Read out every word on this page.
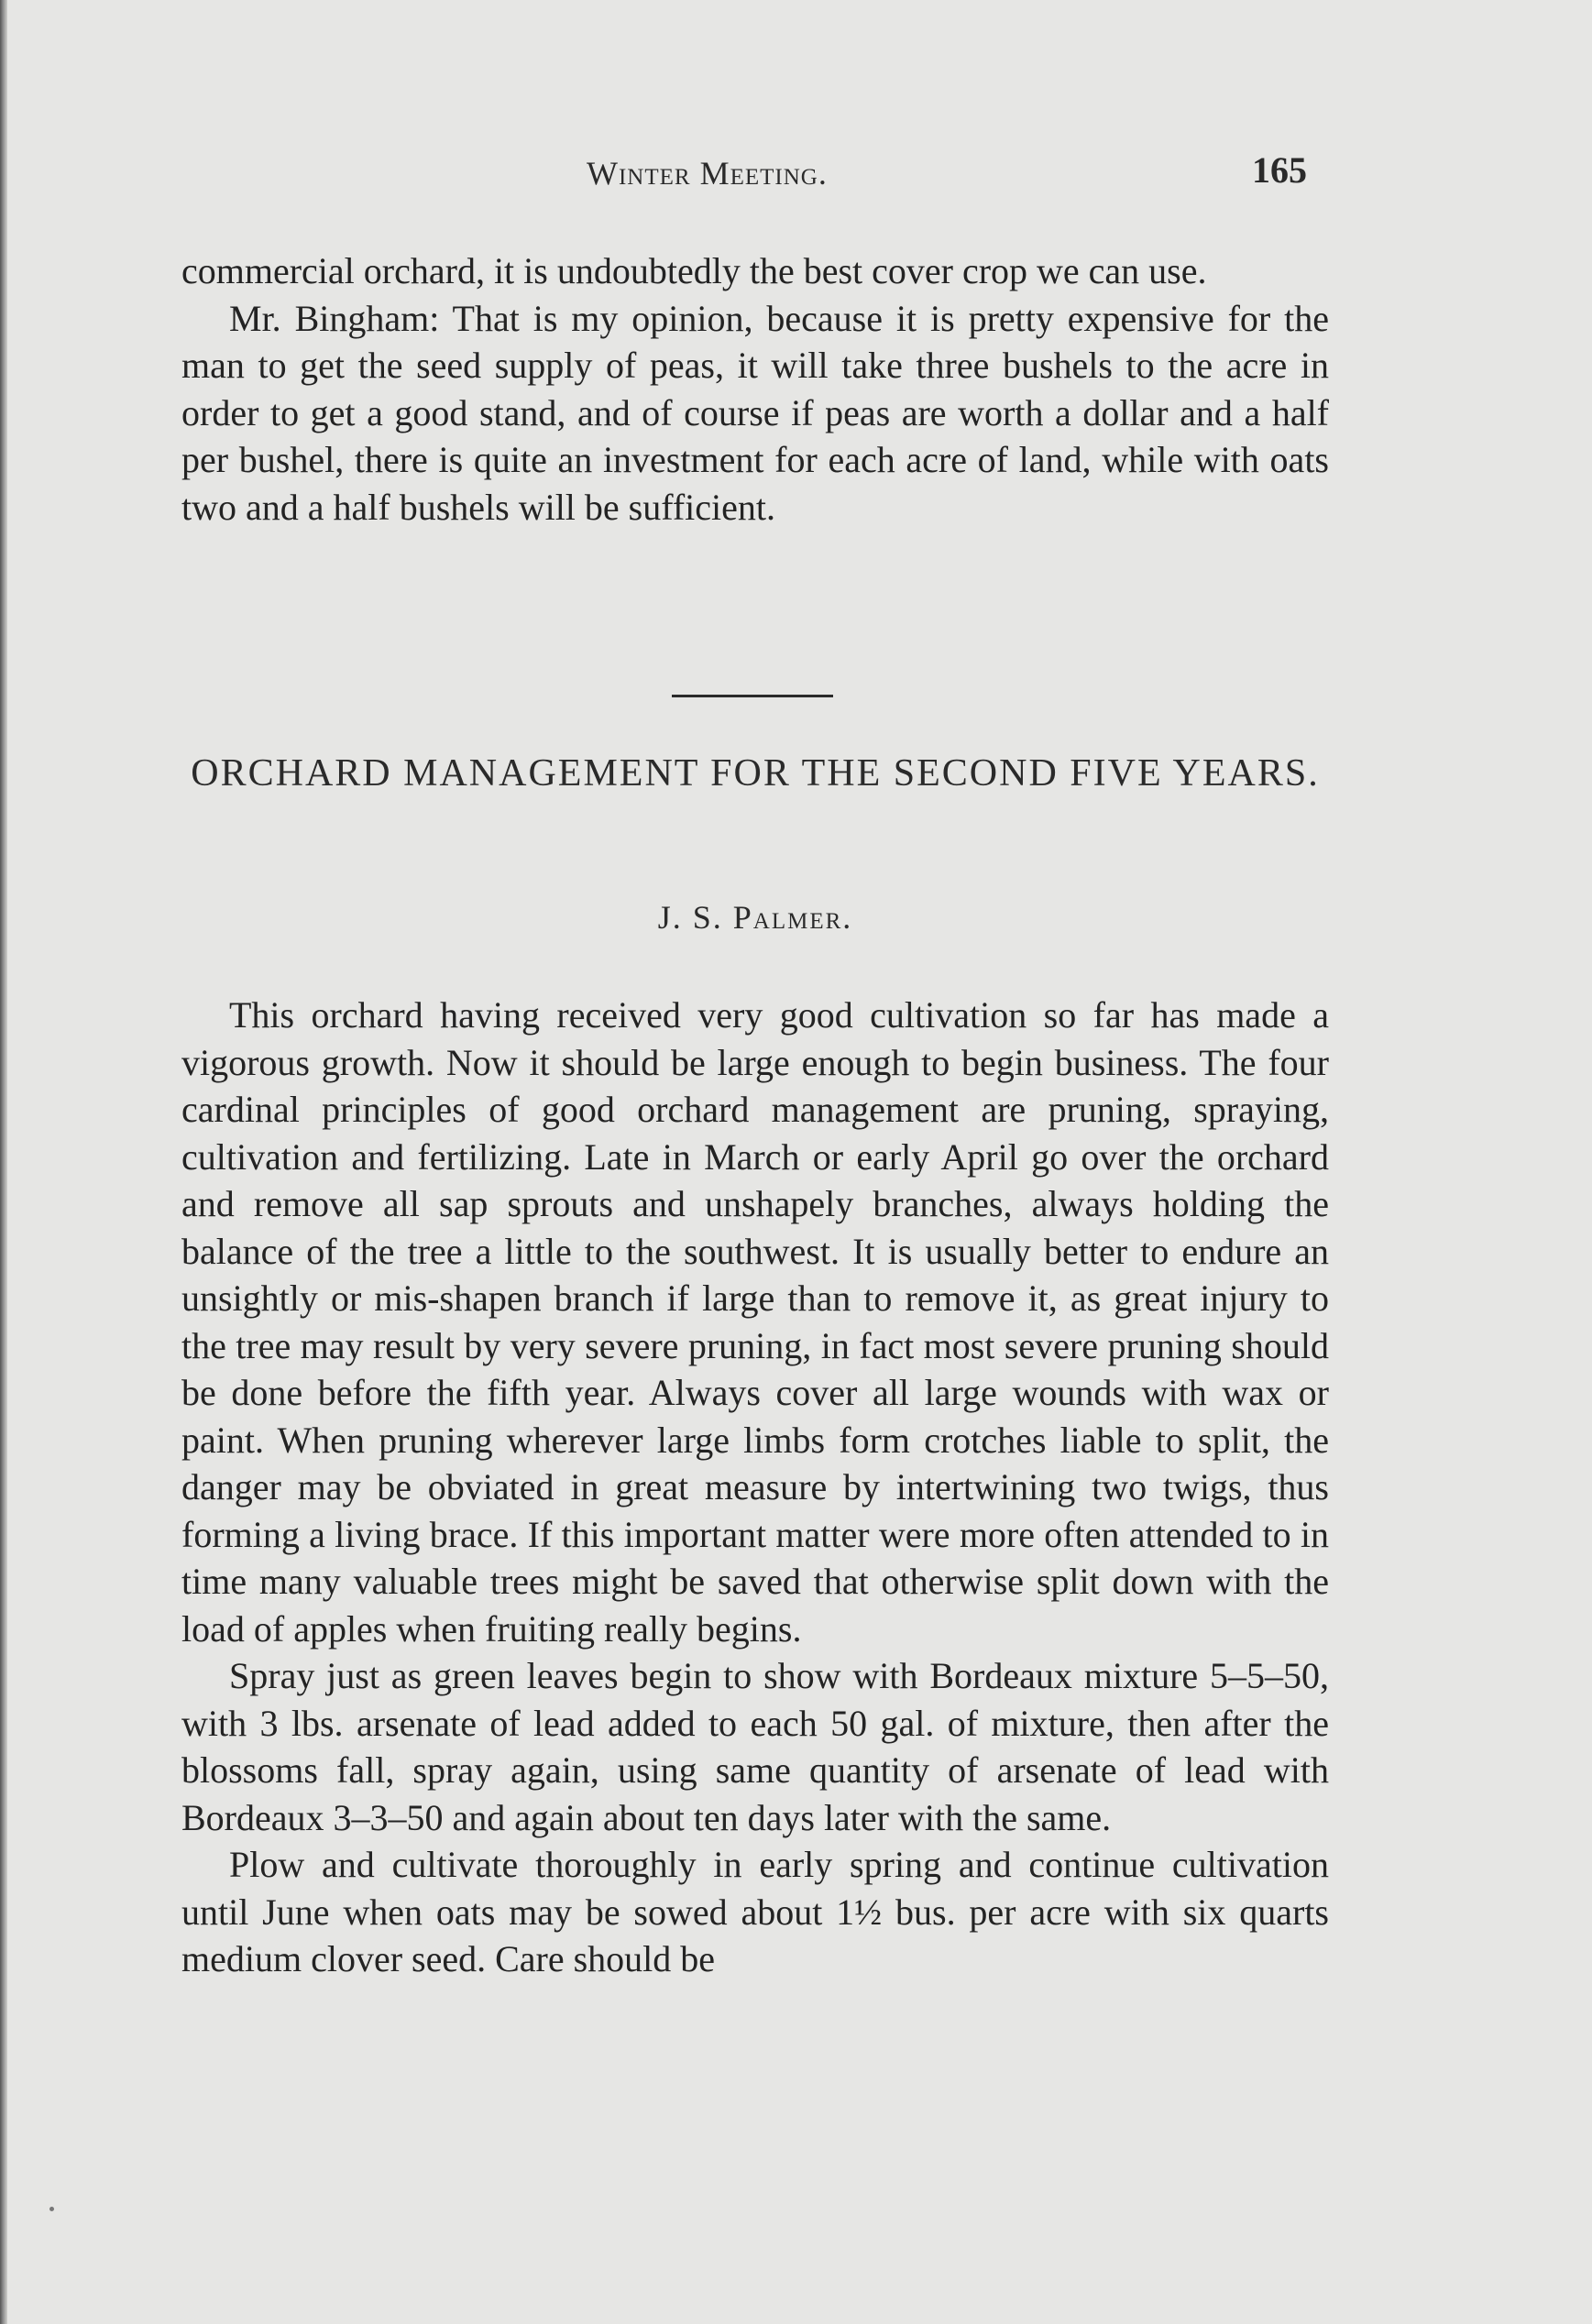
Winter Meeting.	165

commercial orchard, it is undoubtedly the best cover crop we can use.

Mr. Bingham: That is my opinion, because it is pretty expensive for the man to get the seed supply of peas, it will take three bushels to the acre in order to get a good stand, and of course if peas are worth a dollar and a half per bushel, there is quite an investment for each acre of land, while with oats two and a half bushels will be sufficient.

ORCHARD MANAGEMENT FOR THE SECOND FIVE YEARS.
J. S. Palmer.

This orchard having received very good cultivation so far has made a vigorous growth. Now it should be large enough to begin business. The four cardinal principles of good orchard management are pruning, spraying, cultivation and fertilizing. Late in March or early April go over the orchard and remove all sap sprouts and unshapely branches, always holding the balance of the tree a little to the southwest. It is usually better to endure an unsightly or mis-shapen branch if large than to remove it, as great injury to the tree may result by very severe pruning, in fact most severe pruning should be done before the fifth year. Always cover all large wounds with wax or paint. When pruning wherever large limbs form crotches liable to split, the danger may be obviated in great measure by intertwining two twigs, thus forming a living brace. If this important matter were more often attended to in time many valuable trees might be saved that otherwise split down with the load of apples when fruiting really begins.

Spray just as green leaves begin to show with Bordeaux mixture 5–5–50, with 3 lbs. arsenate of lead added to each 50 gal. of mixture, then after the blossoms fall, spray again, using same quantity of arsenate of lead with Bordeaux 3–3–50 and again about ten days later with the same.

Plow and cultivate thoroughly in early spring and continue cultivation until June when oats may be sowed about 1½ bus. per acre with six quarts medium clover seed. Care should be
